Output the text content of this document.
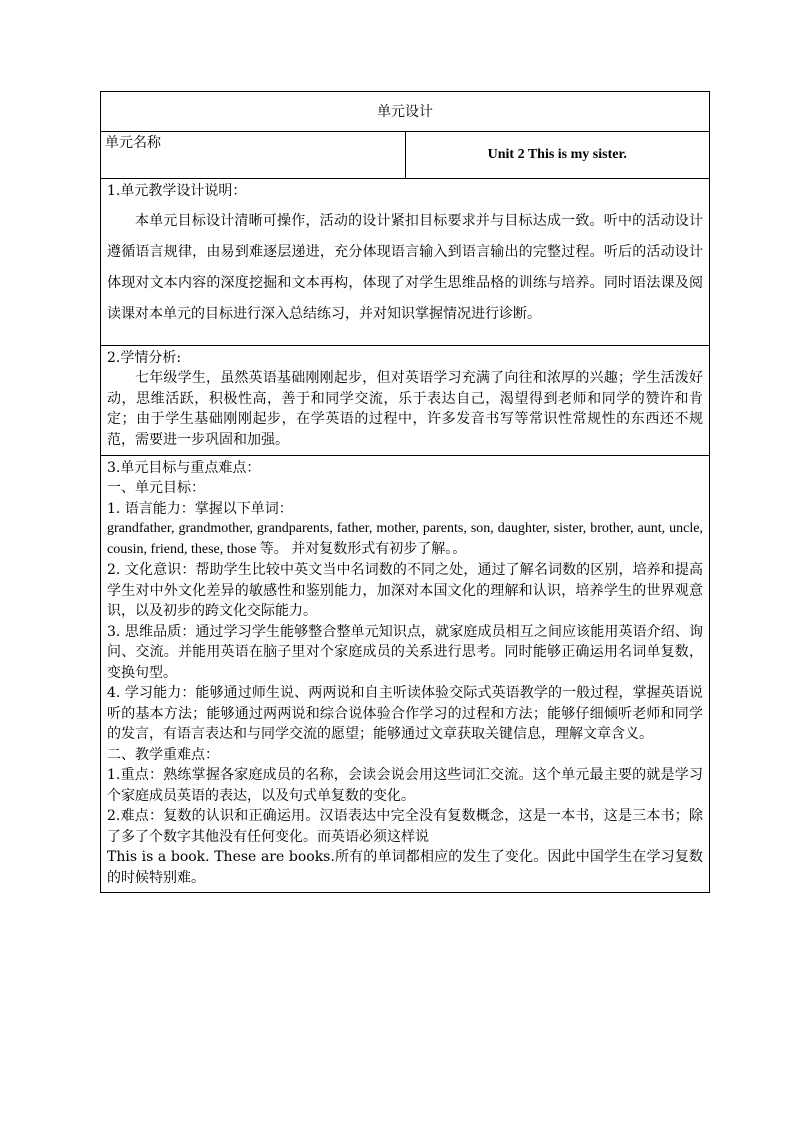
单元设计
单元名称	Unit 2 This is my sister.

1.单元教学设计说明：
本单元目标设计清晰可操作，活动的设计紧扣目标要求并与目标达成一致。听中的活动设计遵循语言规律，由易到难逐层递进，充分体现语言输入到语言输出的完整过程。听后的活动设计体现对文本内容的深度挖掘和文本再构，体现了对学生思维品格的训练与培养。同时语法课及阅读课对本单元的目标进行深入总结练习，并对知识掌握情况进行诊断。

2.学情分析:
七年级学生，虽然英语基础刚刚起步，但对英语学习充满了向往和浓厚的兴趣；学生活泼好动，思维活跃，积极性高，善于和同学交流，乐于表达自己，渴望得到老师和同学的赞许和肯定；由于学生基础刚刚起步，在学英语的过程中，许多发音书写等常识性常规性的东西还不规范，需要进一步巩固和加强。

3.单元目标与重点难点：
一、单元目标：
1. 语言能力：掌握以下单词：
grandfather, grandmother, grandparents, father, mother, parents, son, daughter, sister, brother, aunt, uncle, cousin, friend, these, those 等。 并对复数形式有初步了解。。
2. 文化意识：帮助学生比较中英文当中名词数的不同之处，通过了解名词数的区别，培养和提高学生对中外文化差异的敏感性和鉴别能力，加深对本国文化的理解和认识，培养学生的世界观意识，以及初步的跨文化交际能力。
3. 思维品质：通过学习学生能够整合整单元知识点，就家庭成员相互之间应该能用英语介绍、询问、交流。并能用英语在脑子里对个家庭成员的关系进行思考。同时能够正确运用名词单复数，变换句型。
4. 学习能力：能够通过师生说、两两说和自主听读体验交际式英语教学的一般过程，掌握英语说听的基本方法；能够通过两两说和综合说体验合作学习的过程和方法；能够仔细倾听老师和同学的发言，有语言表达和与同学交流的愿望；能够通过文章获取关键信息，理解文章含义。
二、教学重难点：
1.重点：熟练掌握各家庭成员的名称，会读会说会用这些词汇交流。这个单元最主要的就是学习个家庭成员英语的表达，以及句式单复数的变化。
2.难点：复数的认识和正确运用。汉语表达中完全没有复数概念，这是一本书，这是三本书；除了多了个数字其他没有任何变化。而英语必须这样说
This is a book. These are books.所有的单词都相应的发生了变化。因此中国学生在学习复数的时候特别难。
